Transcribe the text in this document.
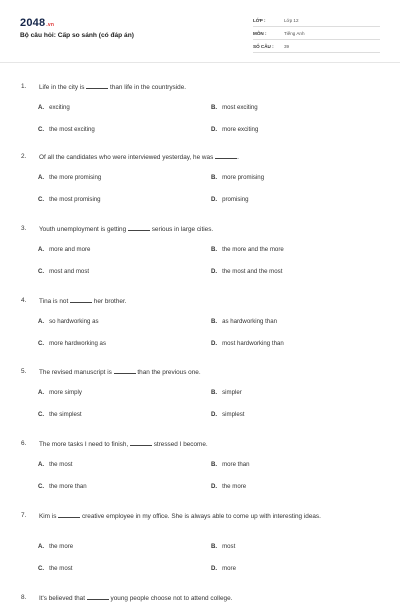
2048.vn
Bộ câu hỏi: Cấp so sánh (có đáp án)
LỚP :	Lớp 12
MÔN :	Tiếng Anh
SỐ CÂU : 39
1. Life in the city is	than life in the countryside.
A. exciting	B. most exciting
C. the most exciting	D. more exciting
2. Of all the candidates who were interviewed yesterday, he was	.
A. the more promising	B. more promising
C. the most promising	D. promising
3. Youth unemployment is getting	serious in large cities.
A. more and more	B. the more and the more
C. most and most	D. the most and the most
4. Tina is not	her brother.
A. so hardworking as	B. as hardworking than
C. more hardworking as	D. most hardworking than
5. The revised manuscript is	than the previous one.
A. more simply	B. simpler
C. the simplest	D. simplest
6. The more tasks I need to finish,	stressed I become.
A. the most	B. more than
C. the more than	D. the more
7. Kim is	creative employee in my office. She is always able to come up with interesting ideas.
A. the more	B. most
C. the most	D. more
8. It's believed that	young people choose not to attend college.
